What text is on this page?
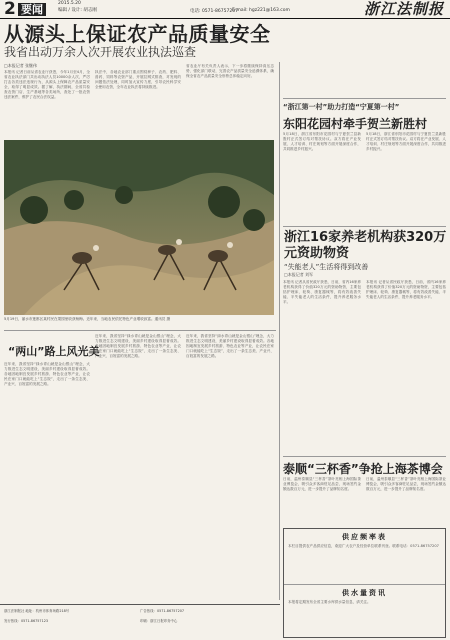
2 要闻	2015.5.20
编辑 / 设计: 胡志刚	电话: 0571-86757207
E-mail: hgz221@163.com	浙江法制报
从源头上保证农产品质量安全
我省出动万余人次开展农业执法巡查
□本报记者 张继伟
本报讯 记者日前从省农业厅获悉，今年1月至4月，全省农业执法部门共出动执法人员10000余人次，严厉打击各类违法违规行为，从源头上保障农产品质量安全，取得了明显成效。据了解，执法期间，全省共检查农资门店、生产基地等各类场所，查处了一批农资违法案件，维护了农民合法权益。
执法中，各地农业部门重点围绕种子、农药、肥料、兽药、饲料等农资产品，开展拉网式排查，对发现的问题依法处理，同时加大宣传力度，引导农民科学安全使用农资，全年农业执法将持续推进。
省农业厅有关负责人表示，下一步将继续保持高压态势，强化部门联动，完善农产品质量安全追溯体系，确保全省农产品质量安全形势总体稳定向好。
5月19日，丽水市莲都区某村民在果园里收获杨梅。近年来，当地农民依托特色产业增收致富。通讯员 摄
“两山”路上风光美
近年来，我省坚持“绿水青山就是金山银山”理念，大力推进生态文明建设，美丽乡村建设取得显著成效。各地因地制宜发展乡村旅游、特色农业等产业，让农民在家门口就能吃上“生态饭”，走出了一条生态美、产业兴、百姓富的发展之路。
近年来，我省坚持“绿水青山就是金山银山”理念，大力推进生态文明建设，美丽乡村建设取得显著成效。各地因地制宜发展乡村旅游、特色农业等产业，让农民在家门口就能吃上“生态饭”，走出了一条生态美、产业兴、百姓富的发展之路。
近年来，我省坚持“绿水青山就是金山银山”理念，大力推进生态文明建设，美丽乡村建设取得显著成效。各地因地制宜发展乡村旅游、特色农业等产业，让农民在家门口就能吃上“生态饭”，走出了一条生态美、产业兴、百姓富的发展之路。
“浙江第一村”助力打造“宁夏第一村”
东阳花园村牵手贺兰新胜村
5月18日，浙江省东阳市花园村与宁夏贺兰县新胜村正式签订结对帮扶协议。双方将在产业发展、人才培训、村庄规划等方面开展深度合作，共同推进乡村振兴。
5月18日，浙江省东阳市花园村与宁夏贺兰县新胜村正式签订结对帮扶协议。双方将在产业发展、人才培训、村庄规划等方面开展深度合作，共同推进乡村振兴。
浙江16家养老机构获320万元资助物资
“失能老人”生活将得到改善
□本报记者 刘军
本报讯 记者从省民政厅获悉，日前，省内16家养老机构获得了价值320万元的资助物资，主要包括护理床、轮椅、康复器械等，将有效改善失能、半失能老人的生活条件，提升养老服务水平。
本报讯 记者从省民政厅获悉，日前，省内16家养老机构获得了价值320万元的资助物资，主要包括护理床、轮椅、康复器械等，将有效改善失能、半失能老人的生活条件，提升养老服务水平。
泰顺“三杯香”争抢上海茶博会
日前，温州泰顺县“三杯香”茶叶亮相上海国际茶业博览会，吸引众多客商驻足品尝，现场签约金额达数百万元，进一步提升了品牌知名度。
日前，温州泰顺县“三杯香”茶叶亮相上海国际茶业博览会，吸引众多客商驻足品尝，现场签约金额达数百万元，进一步提升了品牌知名度。
供应频率表
本栏目提供农产品供应信息，欢迎广大农户及经营单位联系刊登。联系电话：0571-86757207
供水量资讯
本报将定期发布全省主要水库供水量信息，请关注。
浙江法制报社 地址：杭州市体育场路218号	广告热线：0571-86757207
发行热线：0571-86757123	印刷：浙江日报印务中心
